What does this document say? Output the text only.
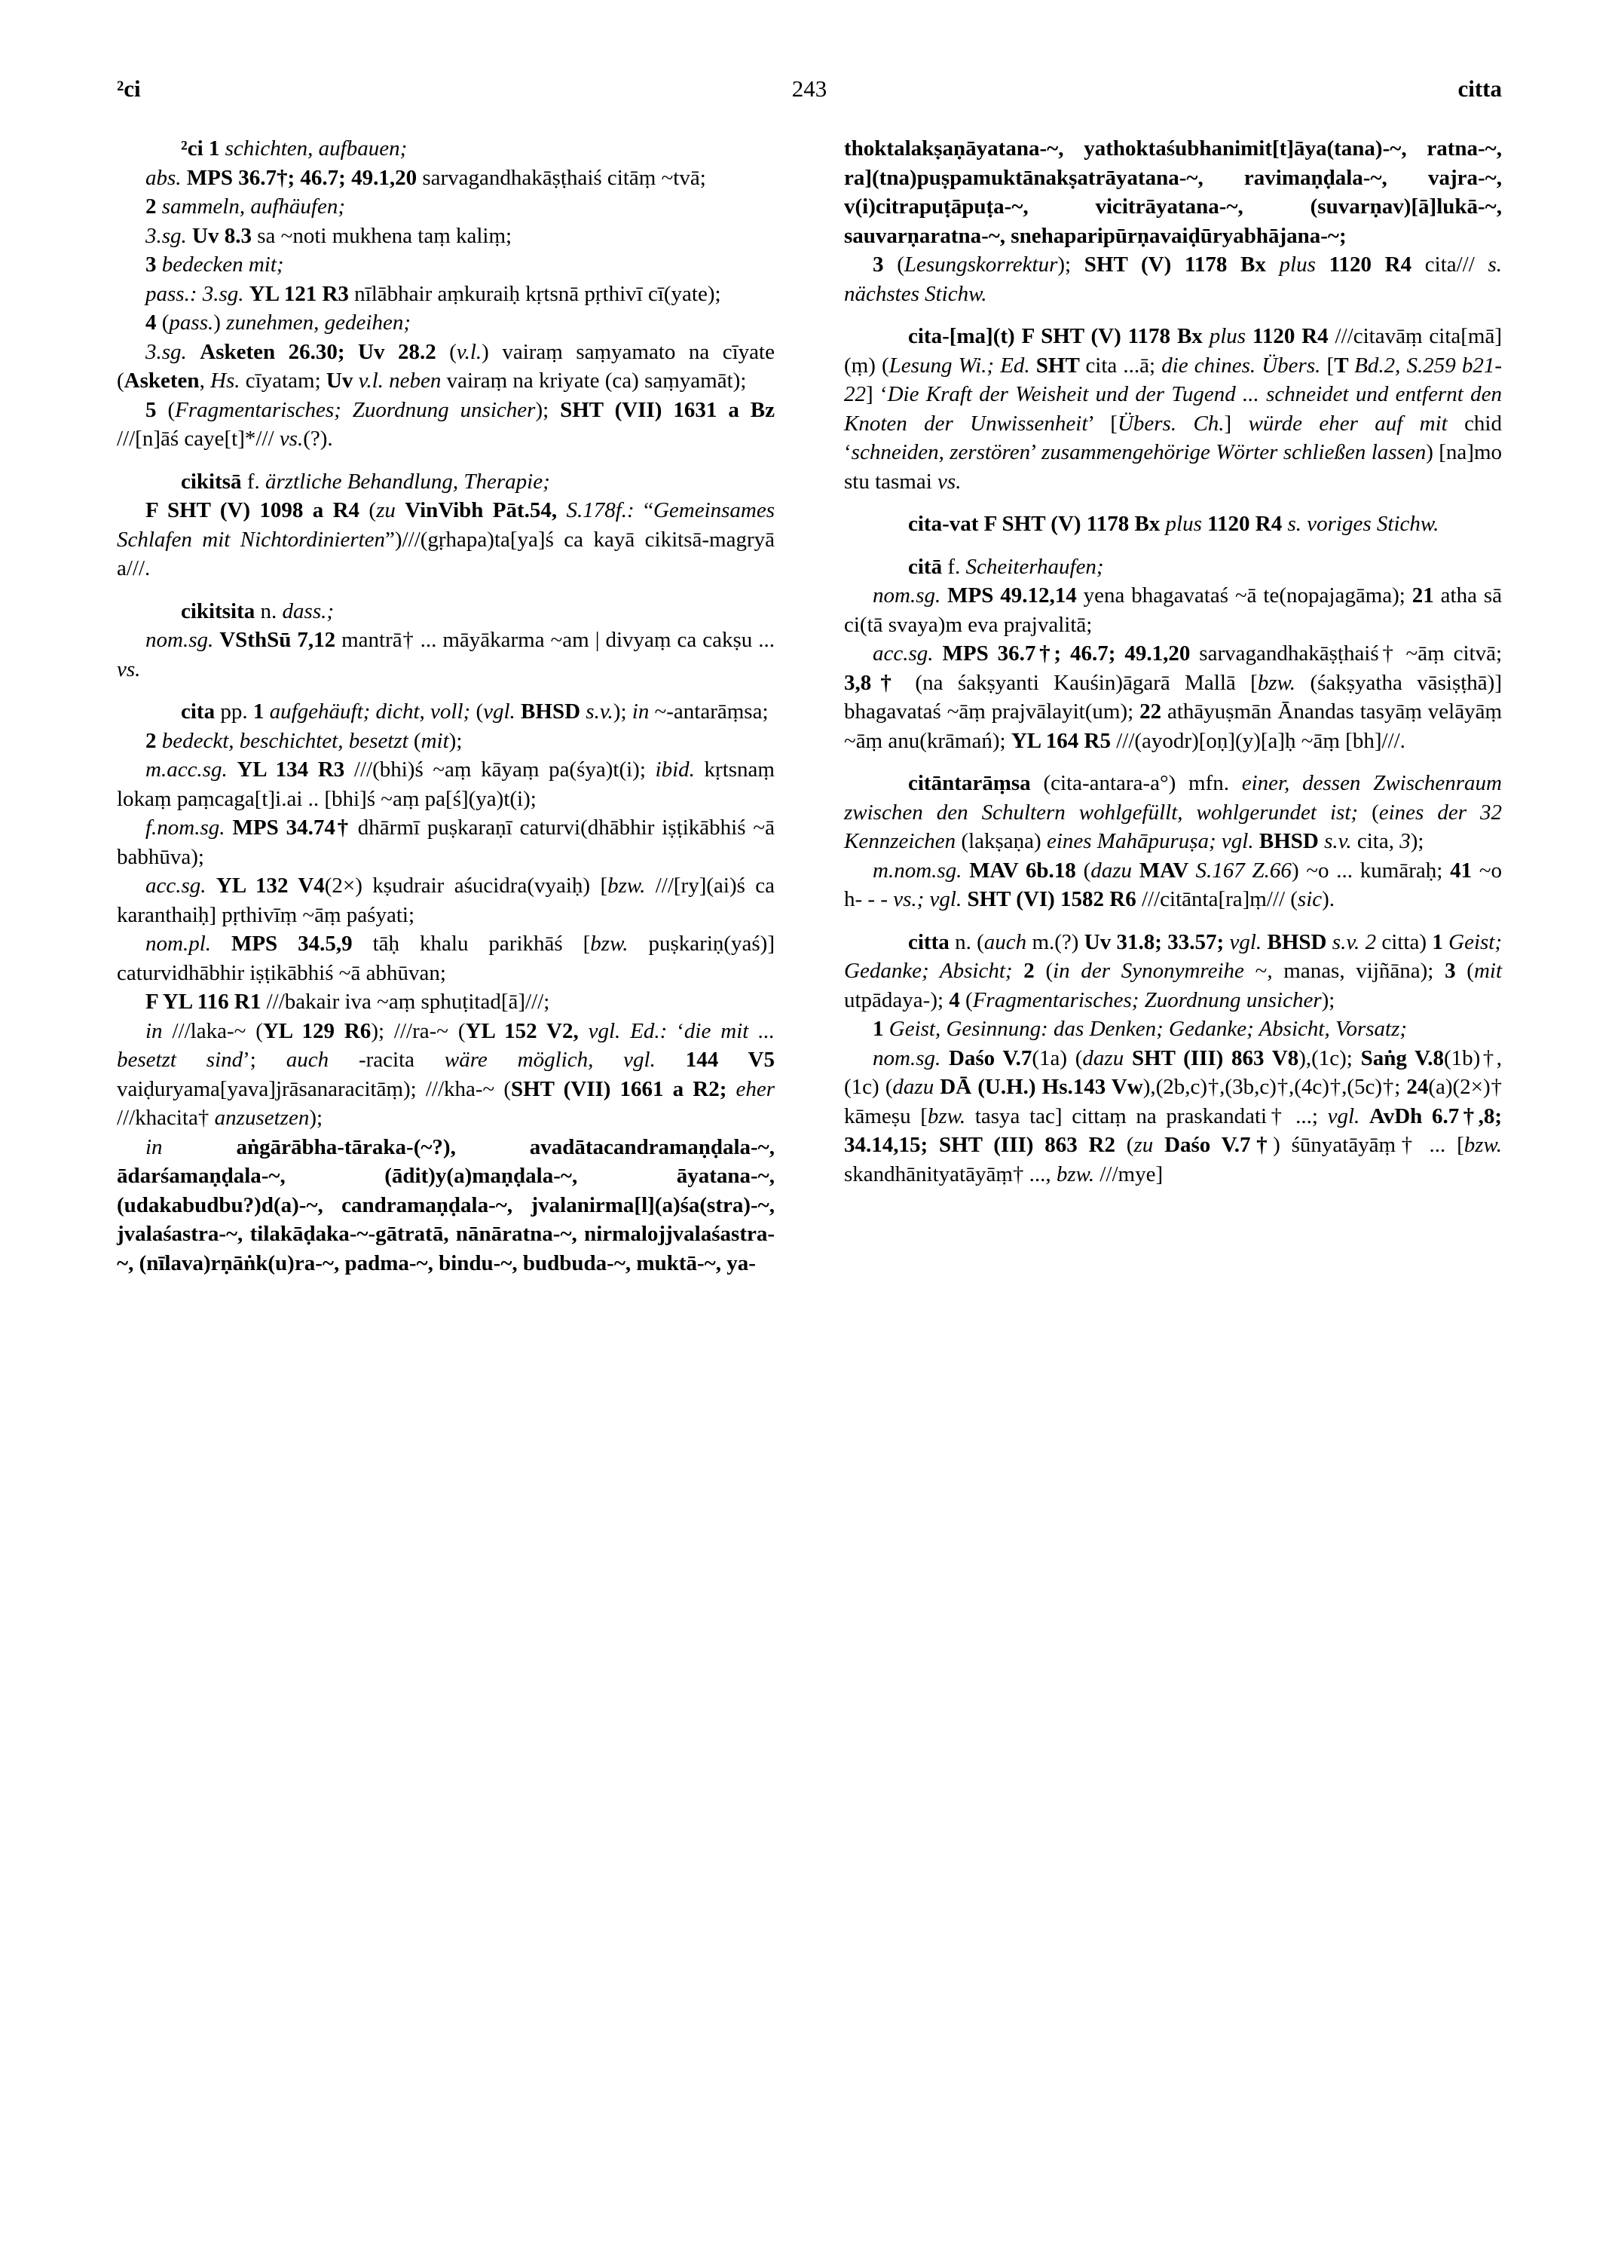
²ci	243	citta

²ci 1 schichten, aufbauen;

abs. MPS 36.7†; 46.7; 49.1,20 sarvagandhakāṣṭhaiś citāṃ ~tvā;

2 sammeln, aufhäufen;

3.sg. Uv 8.3 sa ~noti mukhena taṃ kaliṃ;

3 bedecken mit;

pass.: 3.sg. YL 121 R3 nīlābhair aṃkuraiḥ kṛtsnā pṛthivī cī(yate);

4 (pass.) zunehmen, gedeihen;

3.sg. Asketen 26.30; Uv 28.2 (v.l.) vairaṃ saṃyamato na cīyate (Asketen, Hs. cīyatam; Uv v.l. neben vairaṃ na kriyate (ca) saṃyamāt);

5 (Fragmentarisches; Zuordnung unsicher); SHT (VII) 1631 a Bz ///[n]āś caye[t]*/// vs.(?).

cikitsā f. ärztliche Behandlung, Therapie;

F SHT (V) 1098 a R4 (zu VinVibh Pāt.54, S.178f.: “Gemeinsames Schlafen mit Nichtordinierten”)///(gṛhapa)ta[ya]ś ca kayā cikitsā-magryā a///.

cikitsita n. dass.;

nom.sg. VSthSū 7,12 mantrā† ... māyākarma ~am | divyaṃ ca cakṣu ... vs.

cita pp. 1 aufgehäuft; dicht, voll; (vgl. BHSD s.v.); in ~-antarāṃsa;

2 bedeckt, beschichtet, besetzt (mit);

m.acc.sg. YL 134 R3 ///(bhi)ś ~aṃ kāyaṃ pa(śya)t(i); ibid. kṛtsnaṃ lokaṃ paṃcaga[t]i.ai .. [bhi]ś ~aṃ pa[ś](ya)t(i);

f.nom.sg. MPS 34.74† dhārmī puṣkaraṇī caturvi(dhābhir iṣṭikābhiś ~ā babhūva);

acc.sg. YL 132 V4(2×) kṣudrair aśucidra(vyaiḥ) [bzw. ///[ry](ai)ś ca karanthaiḥ] pṛthivīṃ ~āṃ paśyati;

nom.pl. MPS 34.5,9 tāḥ khalu parikhāś [bzw. puṣkariṇ(yaś)] caturvidhābhir iṣṭikābhiś ~ā abhūvan;

F YL 116 R1 ///bakair iva ~aṃ sphuṭitad[ā]///;

in ///laka-~ (YL 129 R6); ///ra-~ (YL 152 V2, vgl. Ed.: ‘die mit ... besetzt sind’; auch -racita wäre möglich, vgl. 144 V5 vaiḍuryama[yava]jrāsanaracitāṃ); ///kha-~ (SHT (VII) 1661 a R2; eher ///khacita† anzusetzen);

in aṅgārābha-tāraka-(~?), avadātacandramaṇḍala-~, ādarśamaṇḍala-~, (ādit)y(a)maṇḍala-~, āyatana-~, (udakabudbu?)d(a)-~, candramaṇḍala-~, jvalanirma[l](a)śa(stra)-~, jvalaśastra-~, tilakāḍaka-~-gātratā, nānāratna-~, nirmalojjvalaśastra-~, (nīlava)rṇāṅk(u)ra-~, padma-~, bindu-~, budbuda-~, muktā-~, ya-

thoktalakṣaṇāyatana-~, yathoktaśubhanimit[t]āya(tana)-~, ratna-~, ra](tna)puṣpamuktānakṣatrāyatana-~, ravimaṇḍala-~, vajra-~, v(i)citrapuṭāpuṭa-~, vicitrāyatana-~, (suvarṇav)[ā]lukā-~, sauvarṇaratna-~, snehaparipūrṇavaiḍūryabhājana-~;

3 (Lesungskorrektur); SHT (V) 1178 Bx plus 1120 R4 cita/// s. nächstes Stichw.

cita-[ma](t) F SHT (V) 1178 Bx plus 1120 R4 ///citavāṃ cita[mā](ṃ) (Lesung Wi.; Ed. SHT cita ...ā; die chines. Übers. [T Bd.2, S.259 b21-22] ‘Die Kraft der Weisheit und der Tugend ... schneidet und entfernt den Knoten der Unwissenheit’ [Übers. Ch.] würde eher auf mit chid ‘schneiden, zerstören’ zusammengehörige Wörter schließen lassen) [na]mo stu tasmai vs.

cita-vat F SHT (V) 1178 Bx plus 1120 R4 s. voriges Stichw.

citā f. Scheiterhaufen;

nom.sg. MPS 49.12,14 yena bhagavataś ~ā te(nopajagāma); 21 atha sā ci(tā svaya)m eva prajvalitā;

acc.sg. MPS 36.7†; 46.7; 49.1,20 sarvagandhakāṣṭhaiś† ~āṃ citvā; 3,8† (na śakṣyanti Kauśin)āgarā Mallā [bzw. (śakṣyatha vāsiṣṭhā)] bhagavataś ~āṃ prajvālayit(um); 22 athāyuṣmān Ānandas tasyāṃ velāyāṃ ~āṃ anu(krāmań); YL 164 R5 ///(ayodr)[oṇ](y)[a]ḥ ~āṃ [bh]///.

citāntarāṃsa (cita-antara-a°) mfn. einer, dessen Zwischenraum zwischen den Schultern wohlgefüllt, wohlgerundet ist; (eines der 32 Kennzeichen (lakṣaṇa) eines Mahāpuruṣa; vgl. BHSD s.v. cita, 3);

m.nom.sg. MAV 6b.18 (dazu MAV S.167 Z.66) ~o ... kumāraḥ; 41 ~o h- - - vs.; vgl. SHT (VI) 1582 R6 ///citānta[ra]ṃ/// (sic).

citta n. (auch m.(?) Uv 31.8; 33.57; vgl. BHSD s.v. 2 citta) 1 Geist; Gedanke; Absicht; 2 (in der Synonymreihe ~, manas, vijñāna); 3 (mit utpādaya-); 4 (Fragmentarisches; Zuordnung unsicher);

1 Geist, Gesinnung: das Denken; Gedanke; Absicht, Vorsatz;

nom.sg. Daśo V.7(1a) (dazu SHT (III) 863 V8),(1c); Saṅg V.8(1b)†,(1c) (dazu DĀ (U.H.) Hs.143 Vw),(2b,c)†,(3b,c)†,(4c)†,(5c)†; 24(a)(2×)† kāmeṣu [bzw. tasya tac] cittaṃ na praskandati† ...; vgl. AvDh 6.7†,8; 34.14,15; SHT (III) 863 R2 (zu Daśo V.7†) śūnyatāyāṃ† ... [bzw. skandhānityatāyāṃ† ..., bzw. ///mye]
